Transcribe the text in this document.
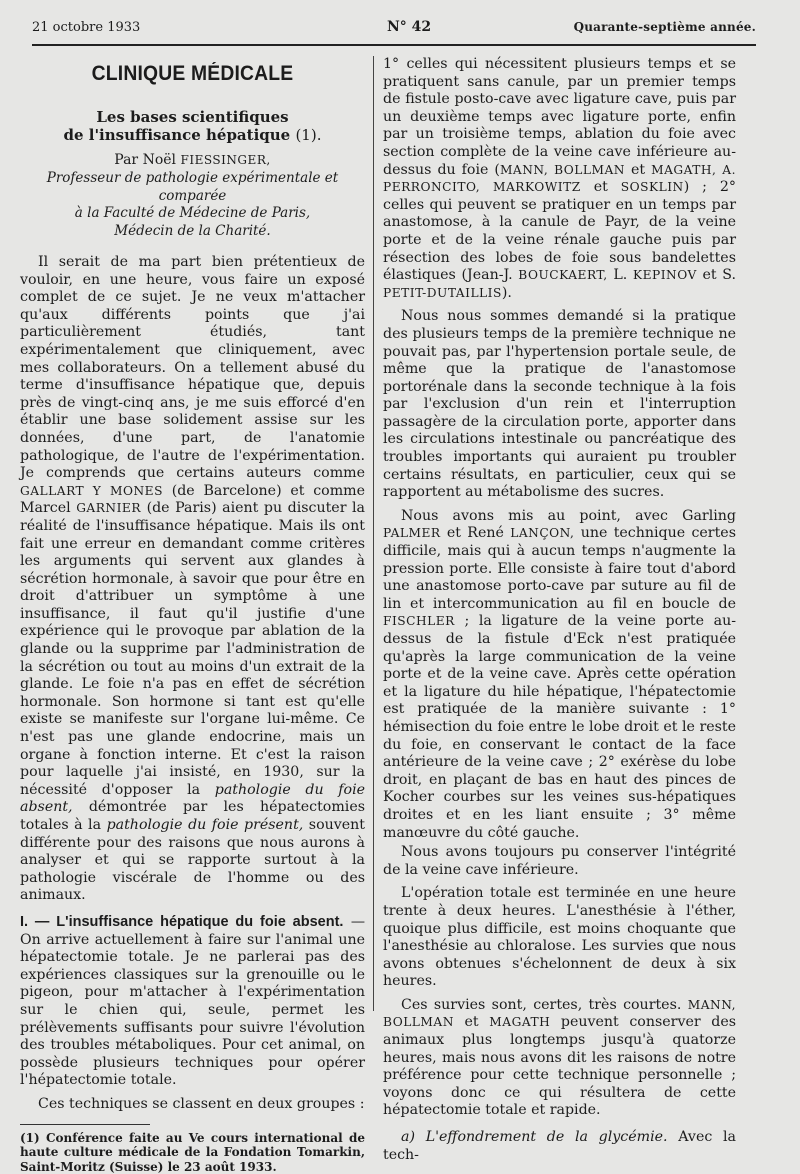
21 octobre 1933	N° 42	Quarante-septième année.
CLINIQUE MÉDICALE
Les bases scientifiques
de l'insuffisance hépatique (1).
Par Noël FIESSINGER,
Professeur de pathologie expérimentale et comparée
à la Faculté de Médecine de Paris,
Médecin de la Charité.

Il serait de ma part bien prétentieux de vouloir, en une heure, vous faire un exposé complet de ce sujet. Je ne veux m'attacher qu'aux différents points que j'ai particulièrement étudiés, tant expérimentalement que cliniquement, avec mes collaborateurs. On a tellement abusé du terme d'insuffisance hépatique que, depuis près de vingt-cinq ans, je me suis efforcé d'en établir une base solidement assise sur les données, d'une part, de l'anatomie pathologique, de l'autre de l'expérimentation. Je comprends que certains auteurs comme GALLART Y MONES (de Barcelone) et comme Marcel GARNIER (de Paris) aient pu discuter la réalité de l'insuffisance hépatique. Mais ils ont fait une erreur en demandant comme critères les arguments qui servent aux glandes à sécrétion hormonale, à savoir que pour être en droit d'attribuer un symptôme à une insuffisance, il faut qu'il justifie d'une expérience qui le provoque par ablation de la glande ou la supprime par l'administration de la sécrétion ou tout au moins d'un extrait de la glande. Le foie n'a pas en effet de sécrétion hormonale. Son hormone si tant est qu'elle existe se manifeste sur l'organe lui-même. Ce n'est pas une glande endocrine, mais un organe à fonction interne. Et c'est la raison pour laquelle j'ai insisté, en 1930, sur la nécessité d'opposer la pathologie du foie absent, démontrée par les hépatectomies totales à la pathologie du foie présent, souvent différente pour des raisons que nous aurons à analyser et qui se rapporte surtout à la pathologie viscérale de l'homme ou des animaux.

I. — L'insuffisance hépatique du foie absent. — On arrive actuellement à faire sur l'animal une hépatectomie totale. Je ne parlerai pas des expériences classiques sur la grenouille ou le pigeon, pour m'attacher à l'expérimentation sur le chien qui, seule, permet les prélèvements suffisants pour suivre l'évolution des troubles métaboliques. Pour cet animal, on possède plusieurs techniques pour opérer l'hépatectomie totale.

Ces techniques se classent en deux groupes :

(1) Conférence faite au Ve cours international de haute culture médicale de la Fondation Tomarkin, Saint-Moritz (Suisse) le 23 août 1933.

1° celles qui nécessitent plusieurs temps et se pratiquent sans canule, par un premier temps de fistule posto-cave avec ligature cave, puis par un deuxième temps avec ligature porte, enfin par un troisième temps, ablation du foie avec section complète de la veine cave inférieure au-dessus du foie (MANN, BOLLMAN et MAGATH, A. PERRONCITO, MARKOWITZ et SOSKLIN) ; 2° celles qui peuvent se pratiquer en un temps par anastomose, à la canule de Payr, de la veine porte et de la veine rénale gauche puis par résection des lobes de foie sous bandelettes élastiques (Jean-J. BOUCKAERT, L. KEPINOV et S. PETIT-DUTAILLIS).

Nous nous sommes demandé si la pratique des plusieurs temps de la première technique ne pouvait pas, par l'hypertension portale seule, de même que la pratique de l'anastomose portorénale dans la seconde technique à la fois par l'exclusion d'un rein et l'interruption passagère de la circulation porte, apporter dans les circulations intestinale ou pancréatique des troubles importants qui auraient pu troubler certains résultats, en particulier, ceux qui se rapportent au métabolisme des sucres.

Nous avons mis au point, avec Garling PALMER et René LANÇON, une technique certes difficile, mais qui à aucun temps n'augmente la pression porte. Elle consiste à faire tout d'abord une anastomose porto-cave par suture au fil de lin et intercommunication au fil en boucle de FISCHLER ; la ligature de la veine porte au-dessus de la fistule d'Eck n'est pratiquée qu'après la large communication de la veine porte et de la veine cave. Après cette opération et la ligature du hile hépatique, l'hépatectomie est pratiquée de la manière suivante : 1° hémisection du foie entre le lobe droit et le reste du foie, en conservant le contact de la face antérieure de la veine cave ; 2° exérèse du lobe droit, en plaçant de bas en haut des pinces de Kocher courbes sur les veines sus-hépatiques droites et en les liant ensuite ; 3° même manœuvre du côté gauche.

Nous avons toujours pu conserver l'intégrité de la veine cave inférieure.

L'opération totale est terminée en une heure trente à deux heures. L'anesthésie à l'éther, quoique plus difficile, est moins choquante que l'anesthésie au chloralose. Les survies que nous avons obtenues s'échelonnent de deux à six heures.

Ces survies sont, certes, très courtes. MANN, BOLLMAN et MAGATH peuvent conserver des animaux plus longtemps jusqu'à quatorze heures, mais nous avons dit les raisons de notre préférence pour cette technique personnelle ; voyons donc ce qui résultera de cette hépatectomie totale et rapide.

a) L'effondrement de la glycémie. Avec la tech-
